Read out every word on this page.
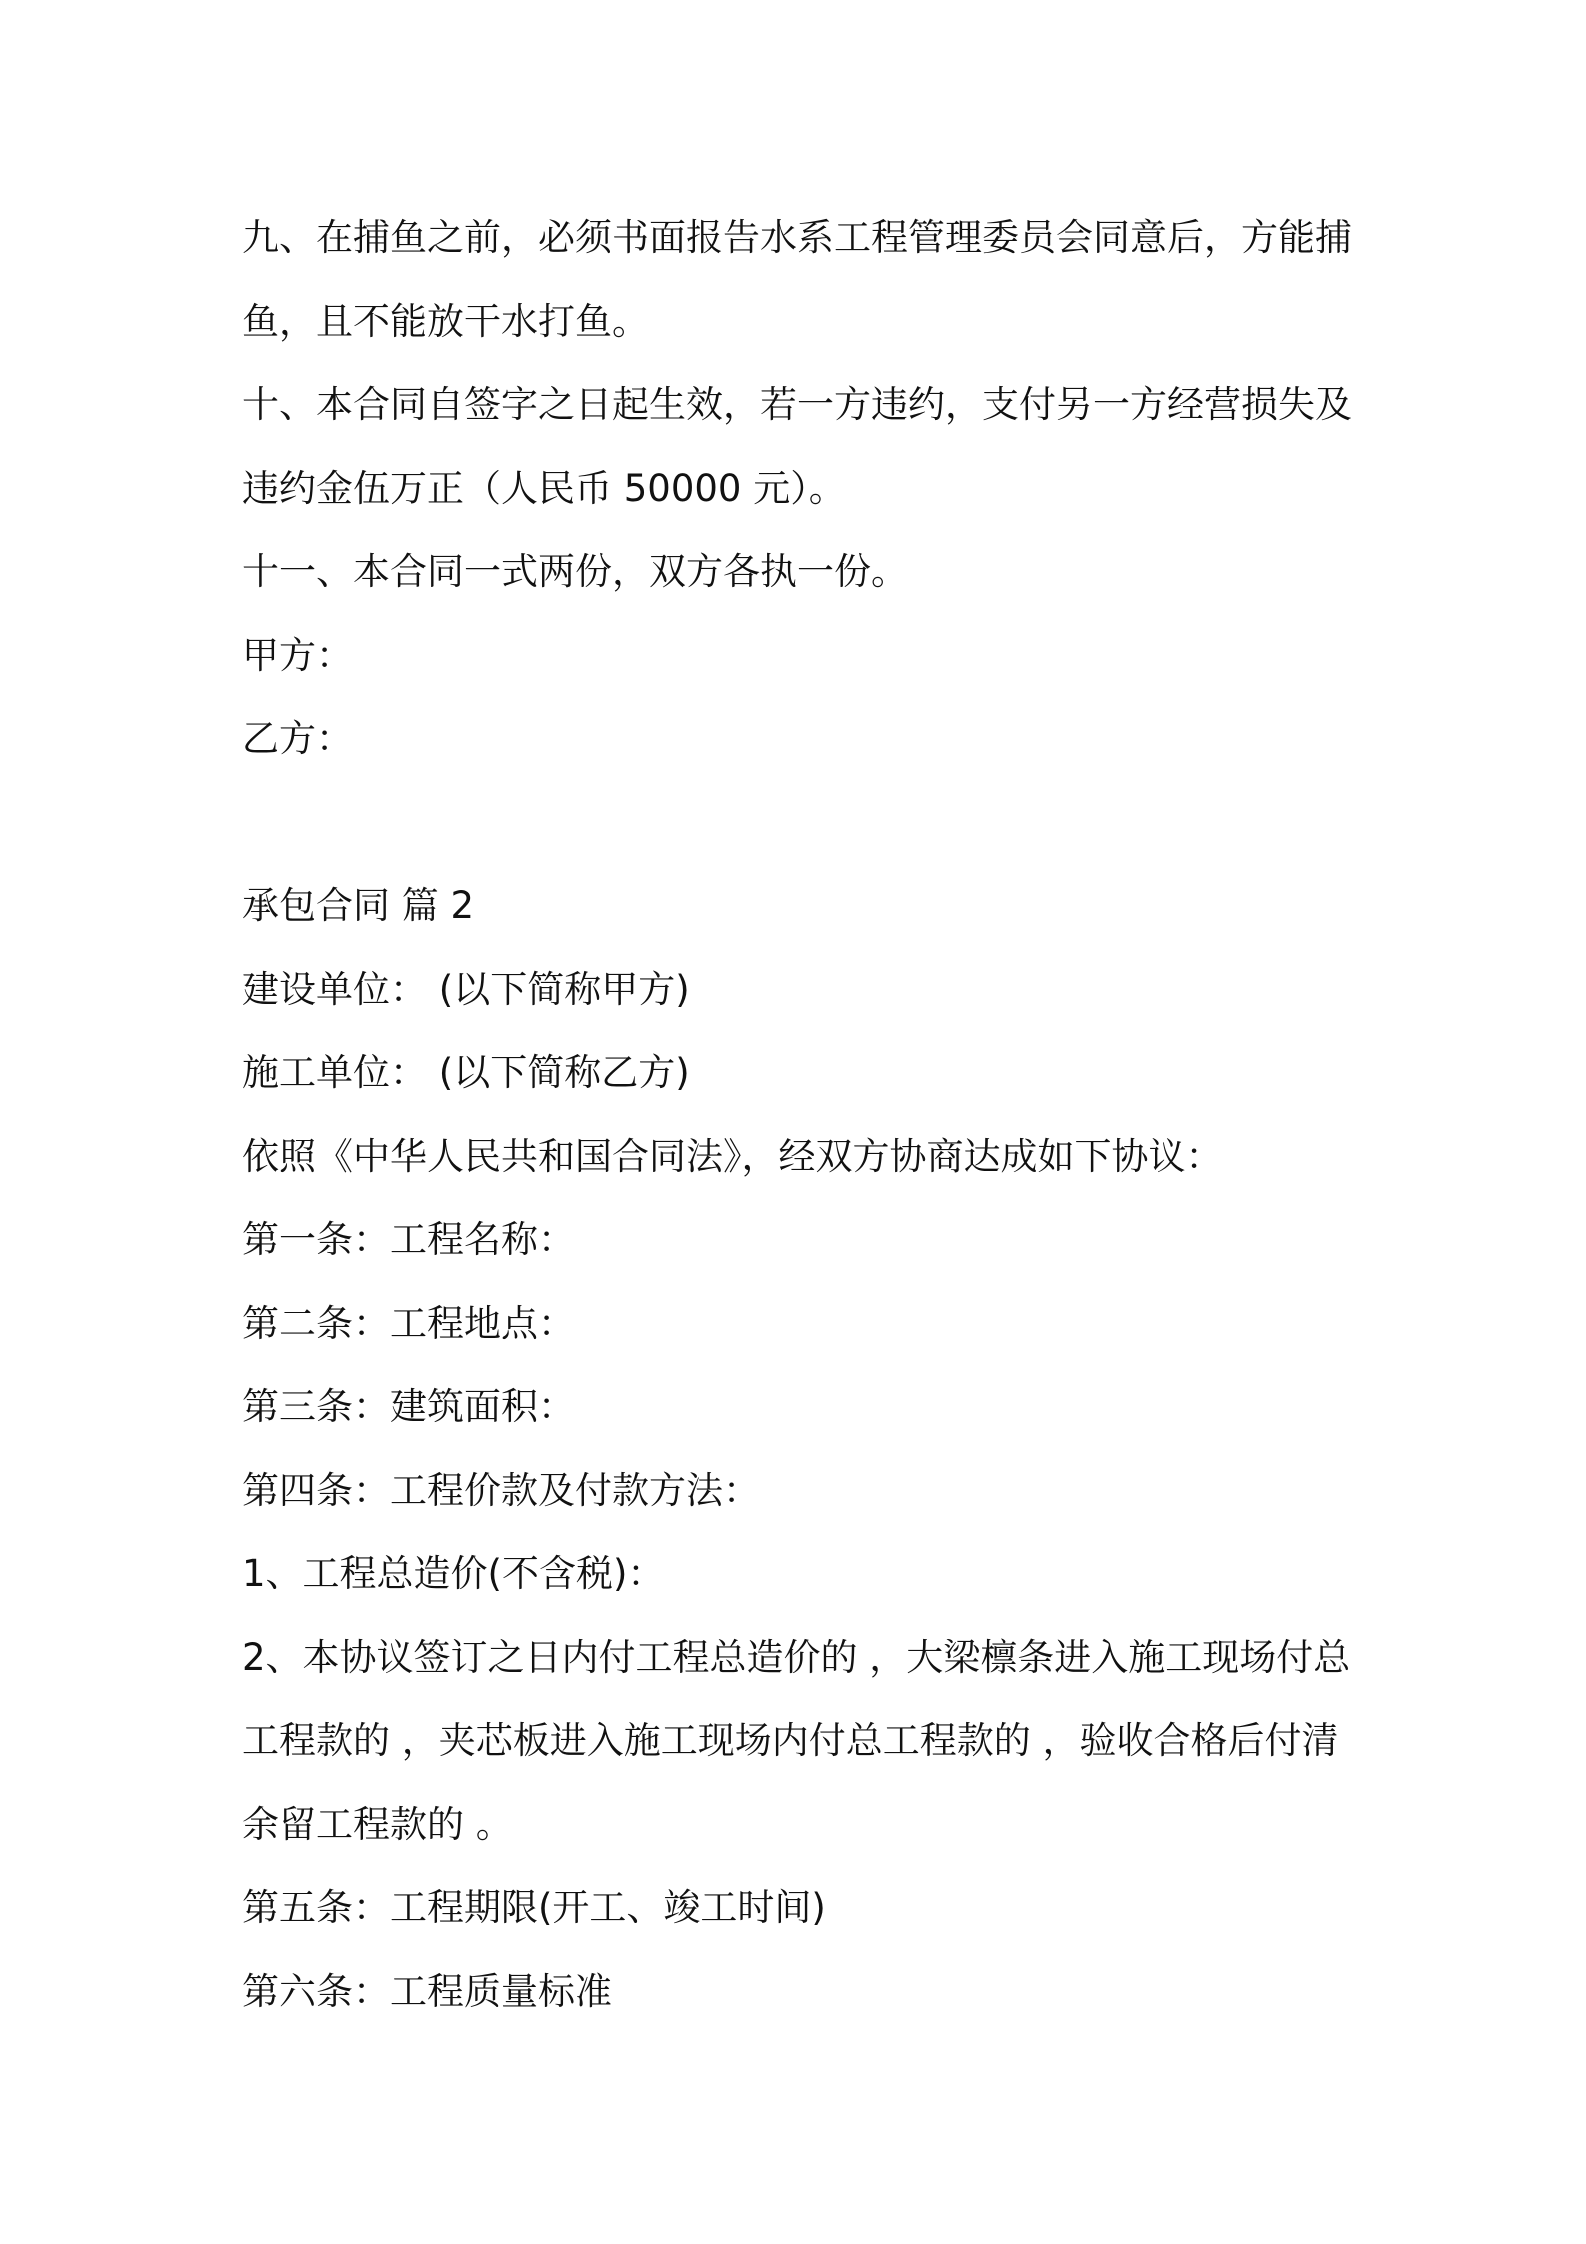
九、在捕鱼之前，必须书面报告水系工程管理委员会同意后，方能捕

鱼，且不能放干水打鱼。

十、本合同自签字之日起生效，若一方违约，支付另一方经营损失及

违约金伍万正（人民币 50000 元）。

十一、本合同一式两份，双方各执一份。

甲方：

乙方：

承包合同 篇 2

建设单位： (以下简称甲方)

施工单位： (以下简称乙方)

依照《中华人民共和国合同法》，经双方协商达成如下协议：

第一条：工程名称：

第二条：工程地点：

第三条：建筑面积：

第四条：工程价款及付款方法：

1、工程总造价(不含税)：

2、本协议签订之日内付工程总造价的 ，大梁檩条进入施工现场付总

工程款的 ，夹芯板进入施工现场内付总工程款的 ，验收合格后付清

余留工程款的 。

第五条：工程期限(开工、竣工时间)

第六条：工程质量标准
